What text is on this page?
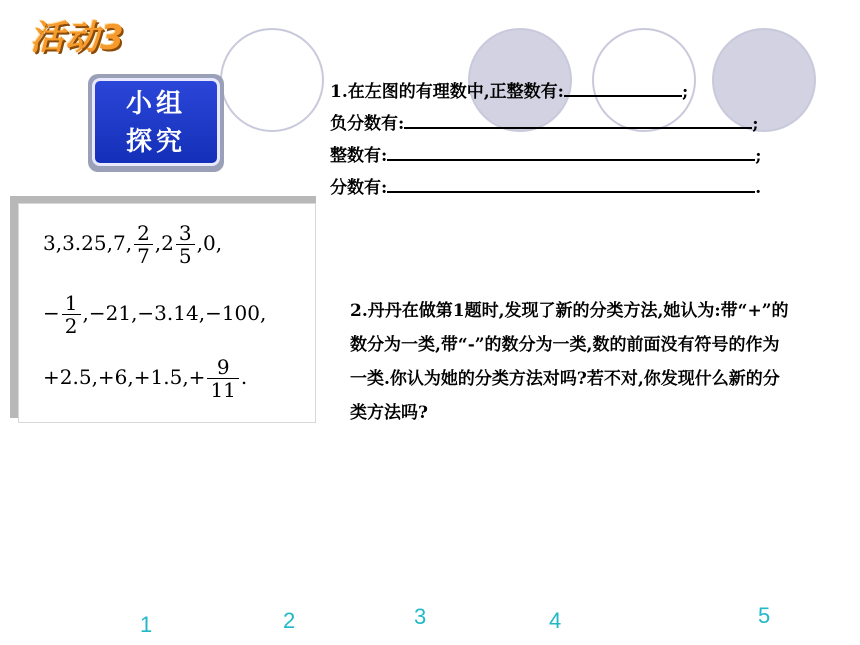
活动3
小组
探究
1.在左图的有理数中,正整数有:	;
负分数有:	;
整数有:	;
分数有:	.
3,3.25,7, $\frac{2}{7} ,2 \frac{3}{5} ,0$,
− $\frac{1}{2} ,-21,-3.14,-100$,
$+2.5,+6,+1.5,+ \frac{9}{11}$ .
2.丹丹在做第1题时,发现了新的分类方法,她认为:带“+”的数分为一类,带“-”的数分为一类,数的前面没有符号的作为一类.你认为她的分类方法对吗?若不对,你发现什么新的分类方法吗?
1	2	3	4	5
